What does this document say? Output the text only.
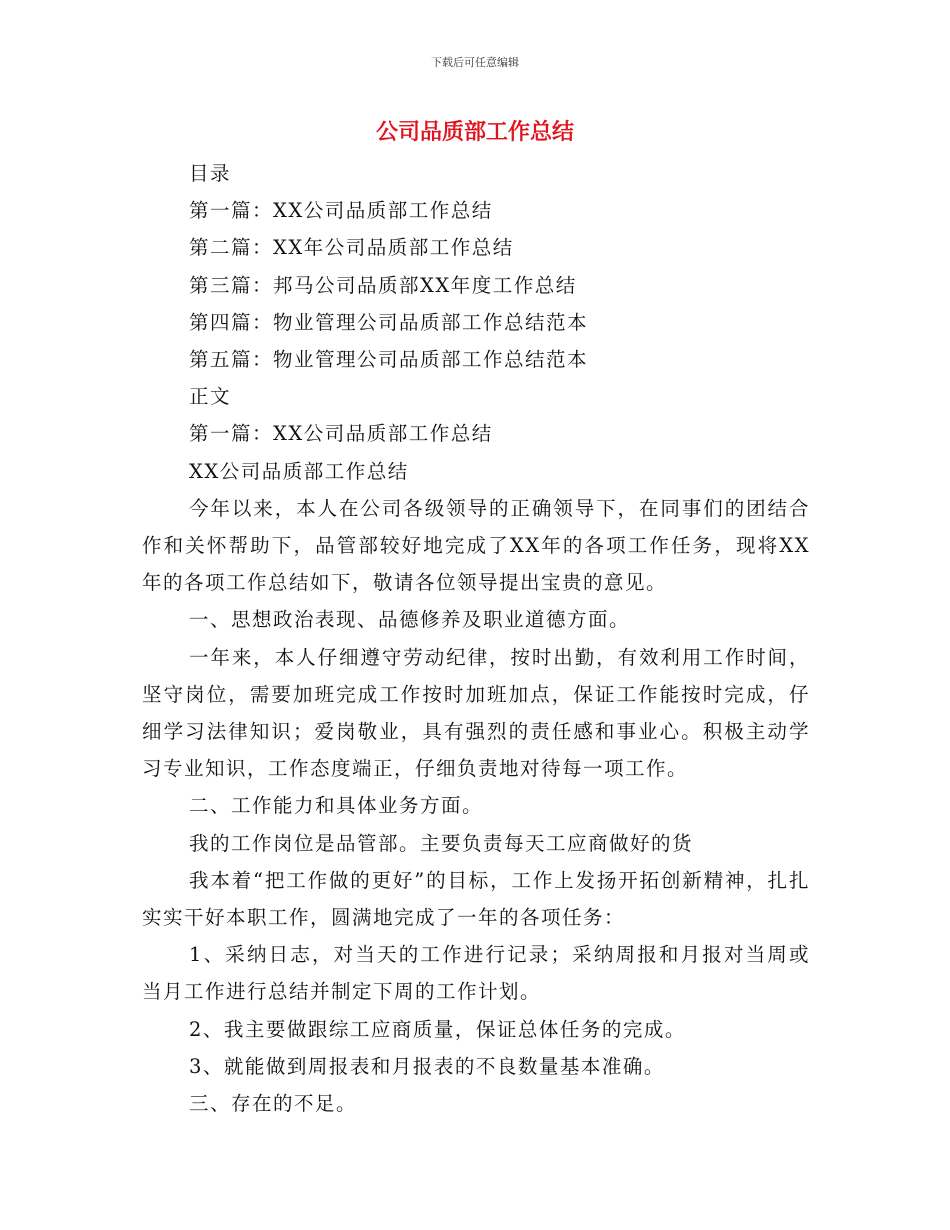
下载后可任意编辑
公司品质部工作总结

目录

第一篇：XX公司品质部工作总结

第二篇：XX年公司品质部工作总结

第三篇：邦马公司品质部XX年度工作总结

第四篇：物业管理公司品质部工作总结范本

第五篇：物业管理公司品质部工作总结范本

正文

第一篇：XX公司品质部工作总结

XX公司品质部工作总结

今年以来，本人在公司各级领导的正确领导下，在同事们的团结合作和关怀帮助下，品管部较好地完成了XX年的各项工作任务，现将XX年的各项工作总结如下，敬请各位领导提出宝贵的意见。

一、思想政治表现、品德修养及职业道德方面。

一年来，本人仔细遵守劳动纪律，按时出勤，有效利用工作时间，坚守岗位，需要加班完成工作按时加班加点，保证工作能按时完成，仔细学习法律知识；爱岗敬业，具有强烈的责任感和事业心。积极主动学习专业知识，工作态度端正，仔细负责地对待每一项工作。

二、工作能力和具体业务方面。

我的工作岗位是品管部。主要负责每天工应商做好的货

我本着“把工作做的更好”的目标，工作上发扬开拓创新精神，扎扎实实干好本职工作，圆满地完成了一年的各项任务：

1、采纳日志，对当天的工作进行记录；采纳周报和月报对当周或当月工作进行总结并制定下周的工作计划。

2、我主要做跟综工应商质量，保证总体任务的完成。

3、就能做到周报表和月报表的不良数量基本准确。

三、存在的不足。
